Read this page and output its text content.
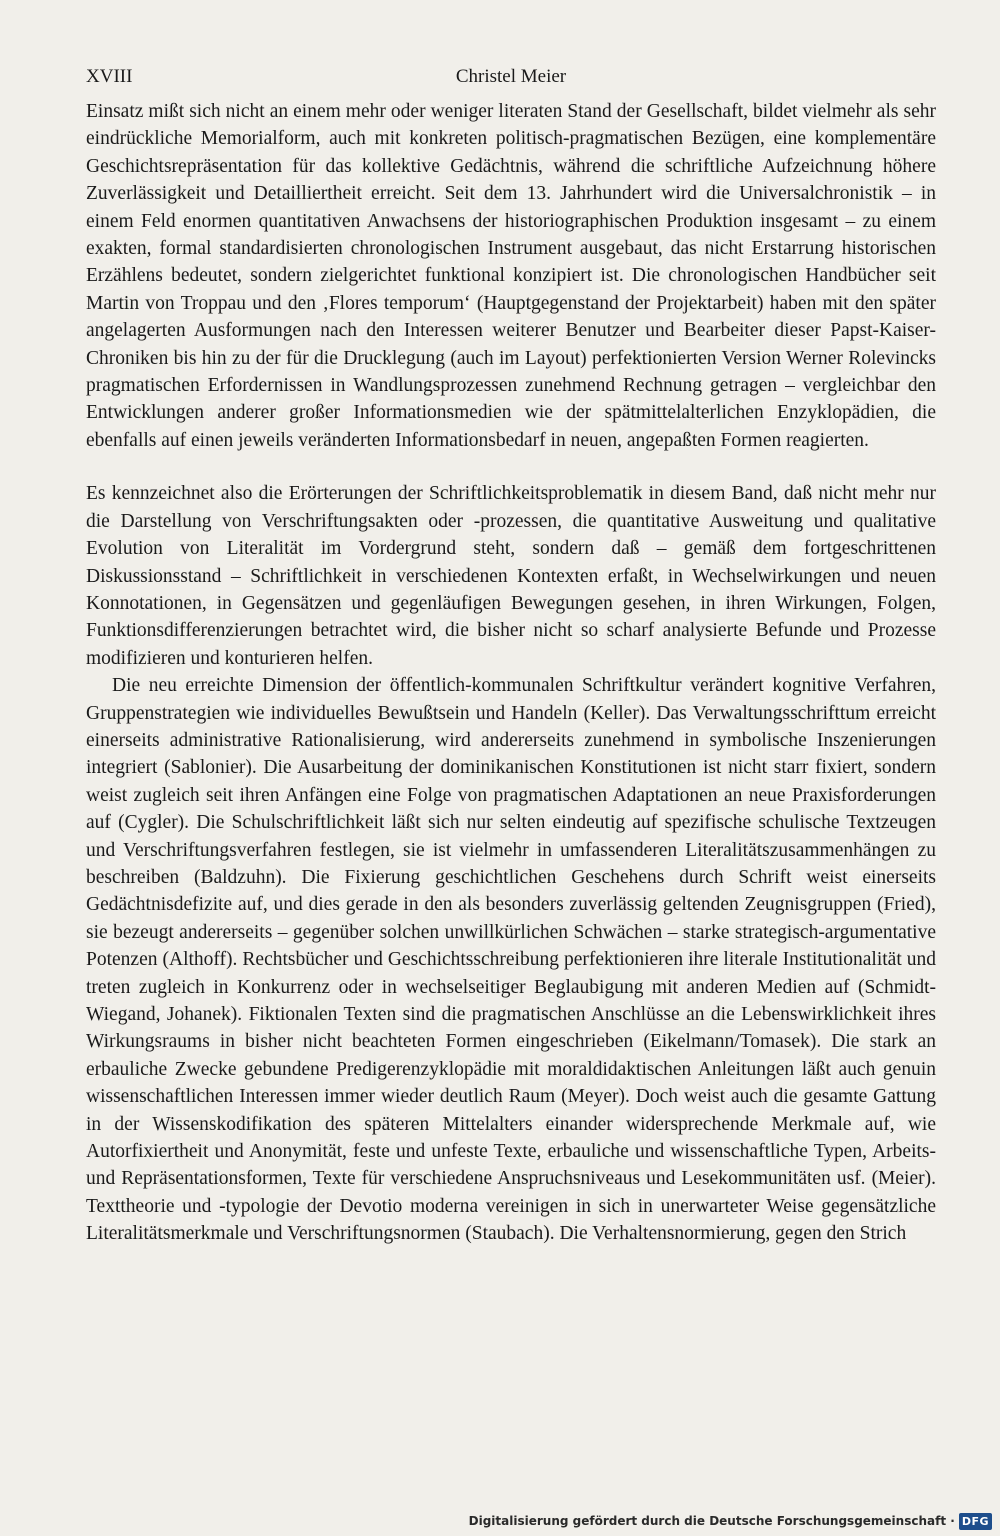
XVIII	Christel Meier

Einsatz mißt sich nicht an einem mehr oder weniger literaten Stand der Gesellschaft, bildet vielmehr als sehr eindrückliche Memorialform, auch mit konkreten politisch-pragmatischen Bezügen, eine komplementäre Geschichtsrepräsentation für das kollektive Gedächtnis, während die schriftliche Aufzeichnung höhere Zuverlässigkeit und Detailliertheit erreicht. Seit dem 13. Jahrhundert wird die Universalchronistik – in einem Feld enormen quantitativen Anwachsens der historiographischen Produktion insgesamt – zu einem exakten, formal standardisierten chronologischen Instrument ausgebaut, das nicht Erstarrung historischen Erzählens bedeutet, sondern zielgerichtet funktional konzipiert ist. Die chronologischen Handbücher seit Martin von Troppau und den ‚Flores temporum‘ (Hauptgegenstand der Projektarbeit) haben mit den später angelagerten Ausformungen nach den Interessen weiterer Benutzer und Bearbeiter dieser Papst-Kaiser-Chroniken bis hin zu der für die Drucklegung (auch im Layout) perfektionierten Version Werner Rolevincks pragmatischen Erfordernissen in Wandlungsprozessen zunehmend Rechnung getragen – vergleichbar den Entwicklungen anderer großer Informationsmedien wie der spätmittelalterlichen Enzyklopädien, die ebenfalls auf einen jeweils veränderten Informationsbedarf in neuen, angepaßten Formen reagierten.

Es kennzeichnet also die Erörterungen der Schriftlichkeitsproblematik in diesem Band, daß nicht mehr nur die Darstellung von Verschriftungsakten oder -prozessen, die quantitative Ausweitung und qualitative Evolution von Literalität im Vordergrund steht, sondern daß – gemäß dem fortgeschrittenen Diskussionsstand – Schriftlichkeit in verschiedenen Kontexten erfaßt, in Wechselwirkungen und neuen Konnotationen, in Gegensätzen und gegenläufigen Bewegungen gesehen, in ihren Wirkungen, Folgen, Funktionsdifferenzierungen betrachtet wird, die bisher nicht so scharf analysierte Befunde und Prozesse modifizieren und konturieren helfen.

Die neu erreichte Dimension der öffentlich-kommunalen Schriftkultur verändert kognitive Verfahren, Gruppenstrategien wie individuelles Bewußtsein und Handeln (Keller). Das Verwaltungsschrifttum erreicht einerseits administrative Rationalisierung, wird andererseits zunehmend in symbolische Inszenierungen integriert (Sablonier). Die Ausarbeitung der dominikanischen Konstitutionen ist nicht starr fixiert, sondern weist zugleich seit ihren Anfängen eine Folge von pragmatischen Adaptationen an neue Praxisforderungen auf (Cygler). Die Schulschriftlichkeit läßt sich nur selten eindeutig auf spezifische schulische Textzeugen und Verschriftungsverfahren festlegen, sie ist vielmehr in umfassenderen Literalitätszusammenhängen zu beschreiben (Baldzuhn). Die Fixierung geschichtlichen Geschehens durch Schrift weist einerseits Gedächtnisdefizite auf, und dies gerade in den als besonders zuverlässig geltenden Zeugnisgruppen (Fried), sie bezeugt andererseits – gegenüber solchen unwillkürlichen Schwächen – starke strategisch-argumentative Potenzen (Althoff). Rechtsbücher und Geschichtsschreibung perfektionieren ihre literale Institutionalität und treten zugleich in Konkurrenz oder in wechselseitiger Beglaubigung mit anderen Medien auf (Schmidt-Wiegand, Johanek). Fiktionalen Texten sind die pragmatischen Anschlüsse an die Lebenswirklichkeit ihres Wirkungsraums in bisher nicht beachteten Formen eingeschrieben (Eikelmann/Tomasek). Die stark an erbauliche Zwecke gebundene Predigerenzyklopädie mit moraldidaktischen Anleitungen läßt auch genuin wissenschaftlichen Interessen immer wieder deutlich Raum (Meyer). Doch weist auch die gesamte Gattung in der Wissenskodifikation des späteren Mittelalters einander widersprechende Merkmale auf, wie Autorfixiertheit und Anonymität, feste und unfeste Texte, erbauliche und wissenschaftliche Typen, Arbeits- und Repräsentationsformen, Texte für verschiedene Anspruchsniveaus und Lesekommunitäten usf. (Meier). Texttheorie und -typologie der Devotio moderna vereinigen in sich in unerwarteter Weise gegensätzliche Literalitätsmerkmale und Verschriftungsnormen (Staubach). Die Verhaltensnormierung, gegen den Strich

Digitalisierung gefördert durch die Deutsche Forschungsgemeinschaft · DFG
